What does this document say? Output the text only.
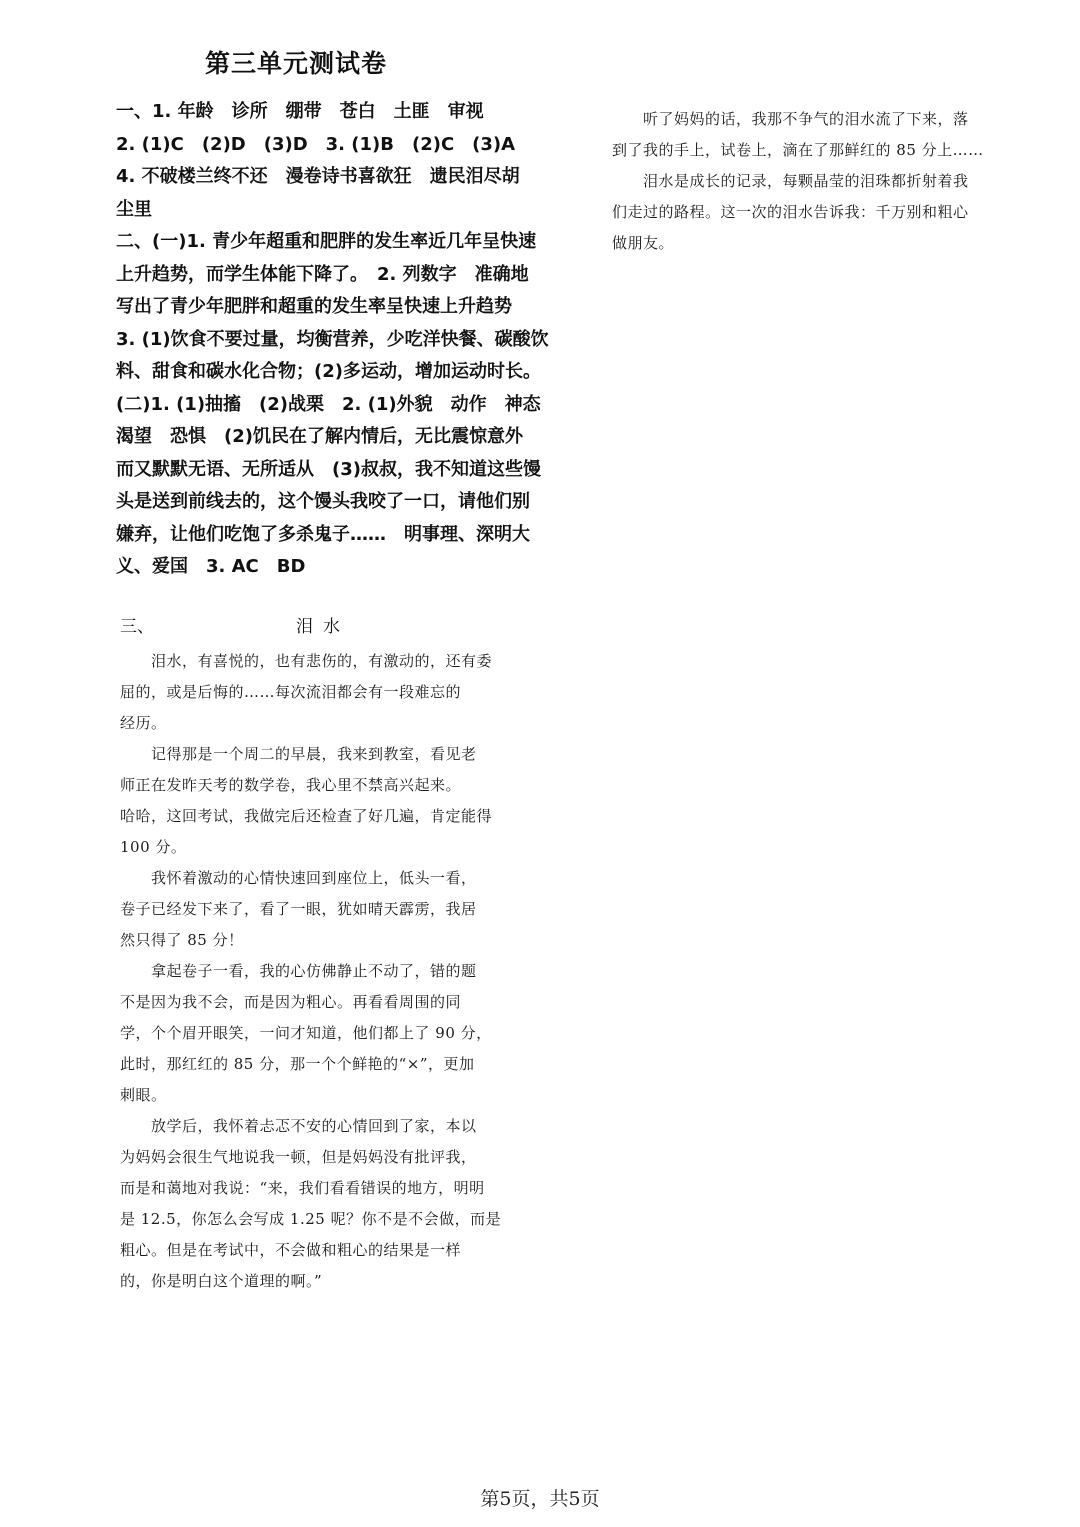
第三单元测试卷
一、1. 年龄　诊所　绷带　苍白　土匪　审视
2. (1)C　(2)D　(3)D　3. (1)B　(2)C　(3)A
4. 不破楼兰终不还　漫卷诗书喜欲狂　遗民泪尽胡
尘里
二、(一)1. 青少年超重和肥胖的发生率近几年呈快速
上升趋势，而学生体能下降了。　2. 列数字　准确地
写出了青少年肥胖和超重的发生率呈快速上升趋势
3. (1)饮食不要过量，均衡营养，少吃洋快餐、碳酸饮
料、甜食和碳水化合物；(2)多运动，增加运动时长。
(二)1. (1)抽搐　(2)战栗　2. (1)外貌　动作　神态
渴望　恐惧　(2)饥民在了解内情后，无比震惊意外
而又默默无语、无所适从　(3)叔叔，我不知道这些馒
头是送到前线去的，这个馒头我咬了一口，请他们别
嫌弃，让他们吃饱了多杀鬼子……　明事理、深明大
义、爱国　3. AC　BD
三、	泪水
　　泪水，有喜悦的，也有悲伤的，有激动的，还有委
屈的，或是后悔的……每次流泪都会有一段难忘的
经历。
　　记得那是一个周二的早晨，我来到教室，看见老
师正在发昨天考的数学卷，我心里不禁高兴起来。
哈哈，这回考试，我做完后还检查了好几遍，肯定能得
100 分。
　　我怀着激动的心情快速回到座位上，低头一看，
卷子已经发下来了，看了一眼，犹如晴天霹雳，我居
然只得了 85 分！
　　拿起卷子一看，我的心仿佛静止不动了，错的题
不是因为我不会，而是因为粗心。再看看周围的同
学，个个眉开眼笑，一问才知道，他们都上了 90 分，
此时，那红红的 85 分，那一个个鲜艳的“×”，更加
刺眼。
　　放学后，我怀着忐忑不安的心情回到了家，本以
为妈妈会很生气地说我一顿，但是妈妈没有批评我，
而是和蔼地对我说：“来，我们看看错误的地方，明明
是 12.5，你怎么会写成 1.25 呢？你不是不会做，而是
粗心。但是在考试中，不会做和粗心的结果是一样
的，你是明白这个道理的啊。”
　　听了妈妈的话，我那不争气的泪水流了下来，落
到了我的手上，试卷上，滴在了那鲜红的 85 分上……
　　泪水是成长的记录，每颗晶莹的泪珠都折射着我
们走过的路程。这一次的泪水告诉我：千万别和粗心
做朋友。
第5页，共5页
